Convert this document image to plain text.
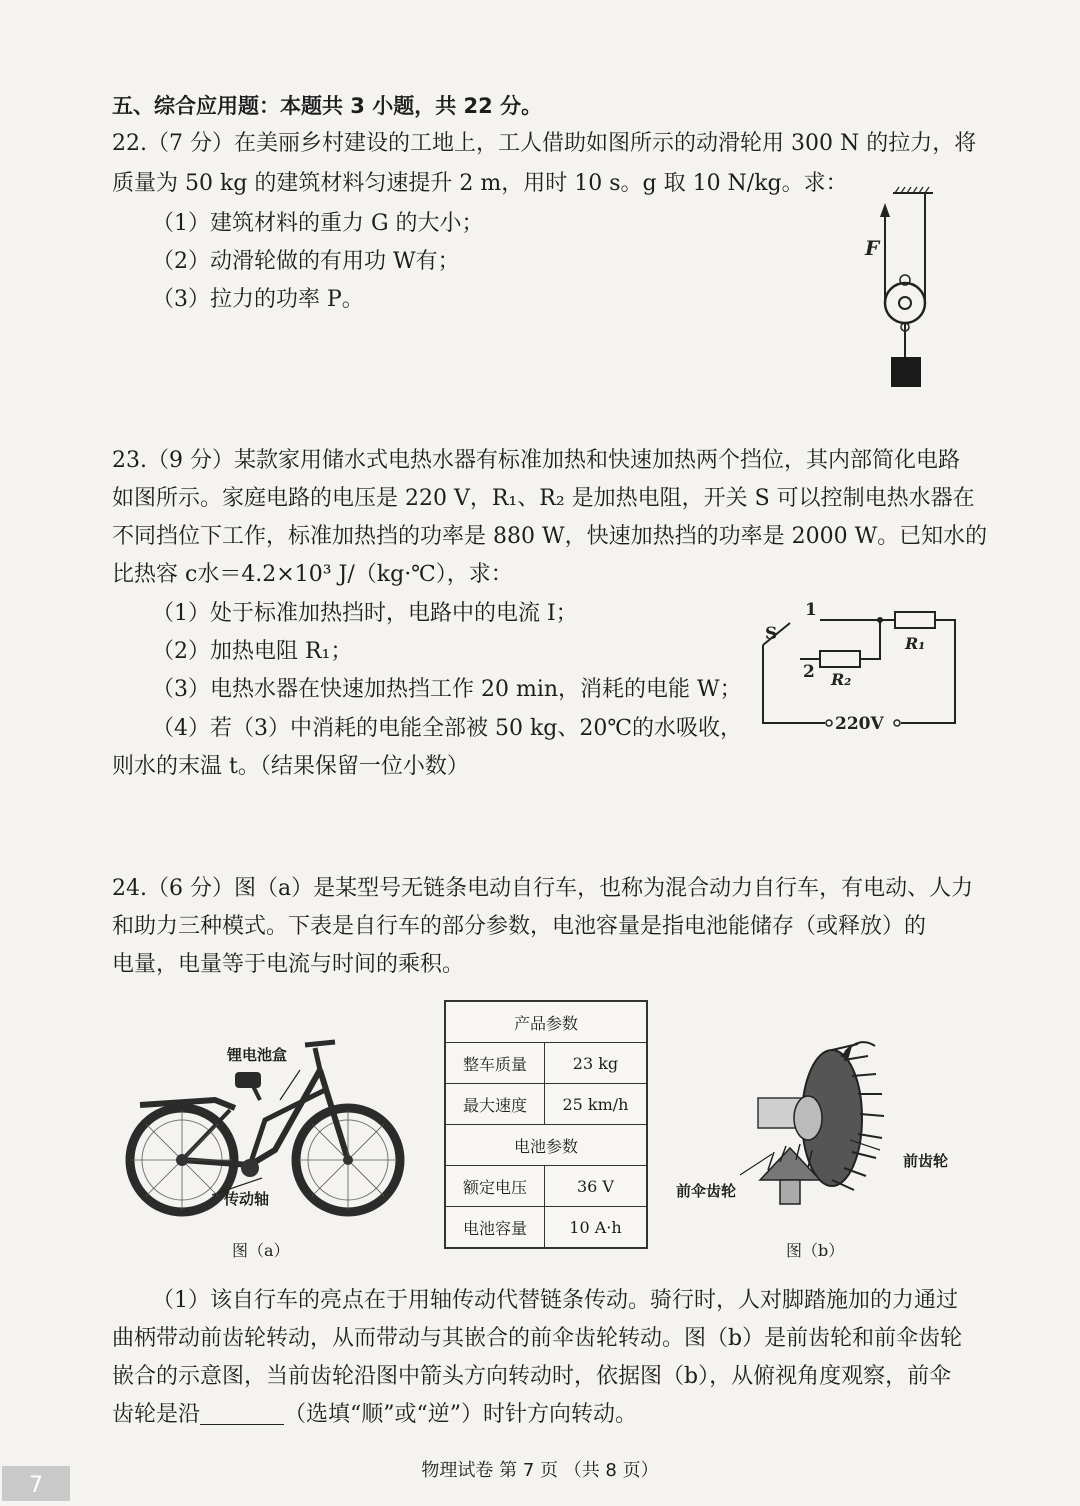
五、综合应用题：本题共 3 小题，共 22 分。
22.（7 分）在美丽乡村建设的工地上，工人借助如图所示的动滑轮用 300 N 的拉力，将
质量为 50 kg 的建筑材料匀速提升 2 m，用时 10 s。g 取 10 N/kg。求：
（1）建筑材料的重力 G 的大小；
（2）动滑轮做的有用功 W有；
（3）拉力的功率 P。
F
23.（9 分）某款家用储水式电热水器有标准加热和快速加热两个挡位，其内部简化电路
如图所示。家庭电路的电压是 220 V，R₁、R₂ 是加热电阻，开关 S 可以控制电热水器在
不同挡位下工作，标准加热挡的功率是 880 W，快速加热挡的功率是 2000 W。已知水的
比热容 c水＝4.2×10³ J/（kg·℃），求：
（1）处于标准加热挡时，电路中的电流 I；
（2）加热电阻 R₁；
（3）电热水器在快速加热挡工作 20 min，消耗的电能 W；
（4）若（3）中消耗的电能全部被 50 kg、20℃的水吸收，
则水的末温 t。（结果保留一位小数）
S
1
2
R₁
R₂
220V
24.（6 分）图（a）是某型号无链条电动自行车，也称为混合动力自行车，有电动、人力
和助力三种模式。下表是自行车的部分参数，电池容量是指电池能储存（或释放）的
电量，电量等于电流与时间的乘积。
锂电池盒
传动轴
图（a）
产品参数	
整车质量	23 kg
最大速度	25 km/h
电池参数	
额定电压	36 V
电池容量	10 A·h
前齿轮
前伞齿轮
图（b）
（1）该自行车的亮点在于用轴传动代替链条传动。骑行时，人对脚踏施加的力通过
曲柄带动前齿轮转动，从而带动与其嵌合的前伞齿轮转动。图（b）是前齿轮和前伞齿轮
嵌合的示意图，当前齿轮沿图中箭头方向转动时，依据图（b），从俯视角度观察，前伞
齿轮是沿	（选填“顺”或“逆”）时针方向转动。
物理试卷 第 7 页 （共 8 页）
7
